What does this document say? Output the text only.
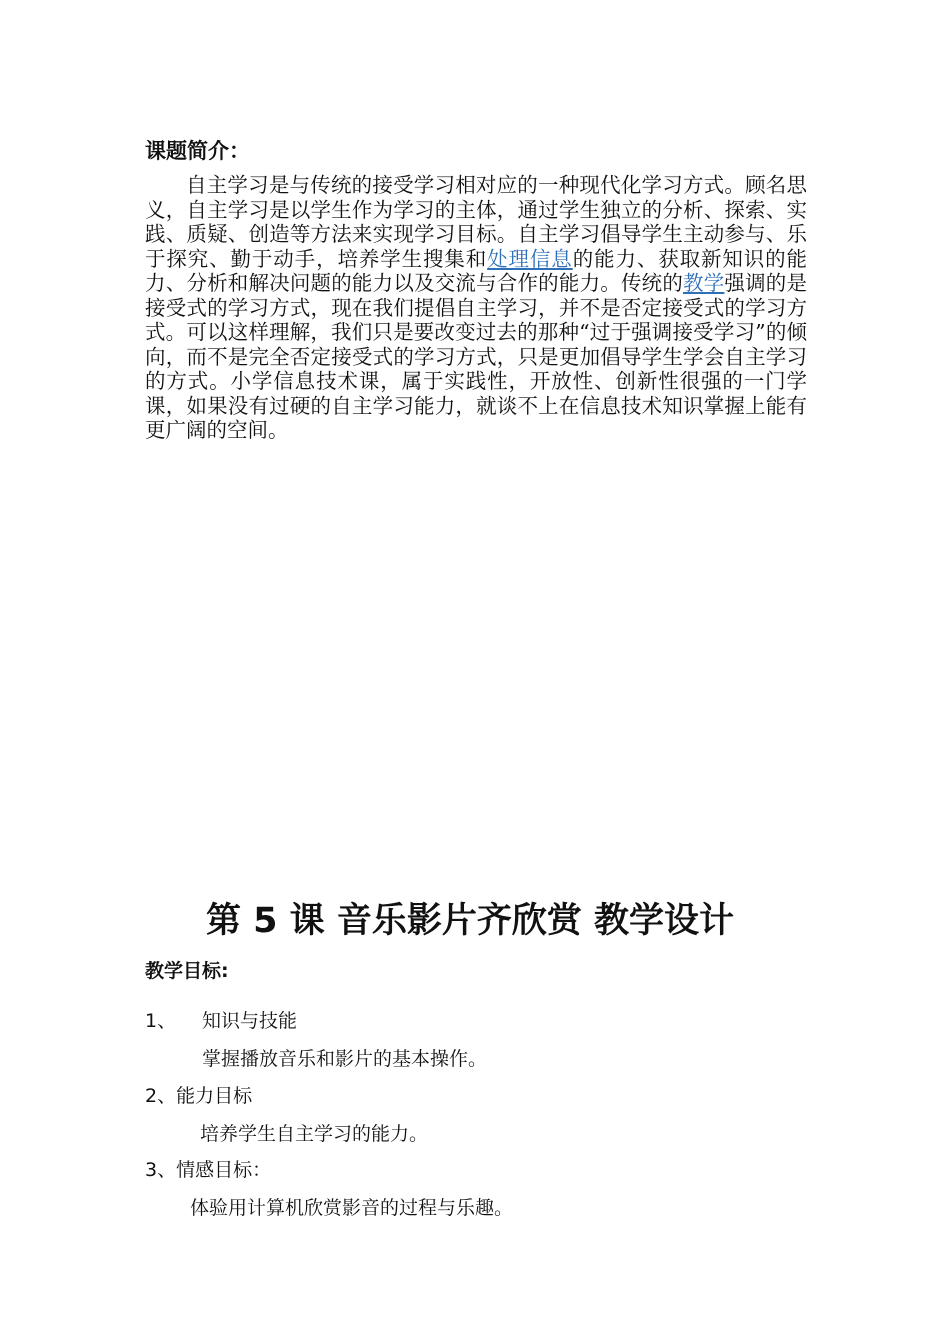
课题简介：

自主学习是与传统的接受学习相对应的一种现代化学习方式。顾名思义，自主学习是以学生作为学习的主体，通过学生独立的分析、探索、实践、质疑、创造等方法来实现学习目标。自主学习倡导学生主动参与、乐于探究、勤于动手，培养学生搜集和处理信息的能力、获取新知识的能力、分析和解决问题的能力以及交流与合作的能力。传统的教学强调的是接受式的学习方式，现在我们提倡自主学习，并不是否定接受式的学习方式。可以这样理解，我们只是要改变过去的那种“过于强调接受学习”的倾向，而不是完全否定接受式的学习方式，只是更加倡导学生学会自主学习的方式。小学信息技术课，属于实践性，开放性、创新性很强的一门学课，如果没有过硬的自主学习能力，就谈不上在信息技术知识掌握上能有更广阔的空间。

第 5 课 音乐影片齐欣赏 教学设计
教学目标:
1、 知识与技能
掌握播放音乐和影片的基本操作。
2、能力目标
培养学生自主学习的能力。
3、情感目标：
体验用计算机欣赏影音的过程与乐趣。
